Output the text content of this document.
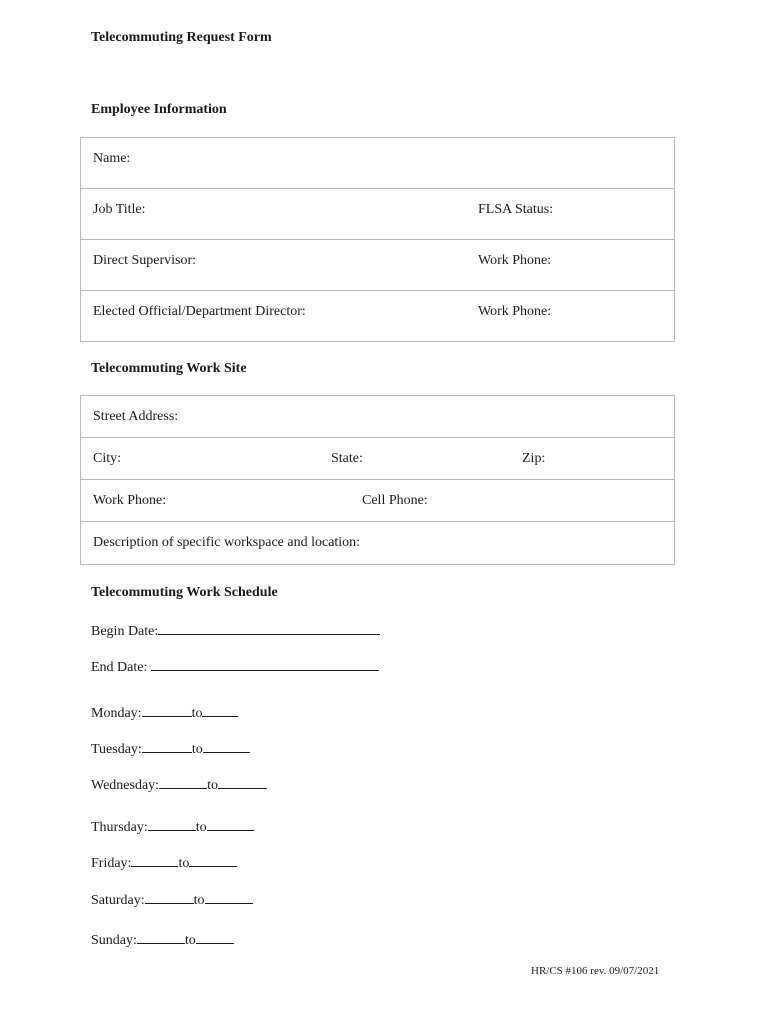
Telecommuting Request Form
Employee Information
Name:
Job Title:	FLSA Status:
Direct Supervisor:	Work Phone:
Elected Official/Department Director:	Work Phone:
Telecommuting Work Site
Street Address:
City:	State:	Zip:
Work Phone:	Cell Phone:
Description of specific workspace and location:
Telecommuting Work Schedule
Begin Date:
End Date:
Monday:	to
Tuesday:	to
Wednesday:	to
Thursday:	to
Friday:	to
Saturday:	to
Sunday:	to
HR/CS #106 rev. 09/07/2021
